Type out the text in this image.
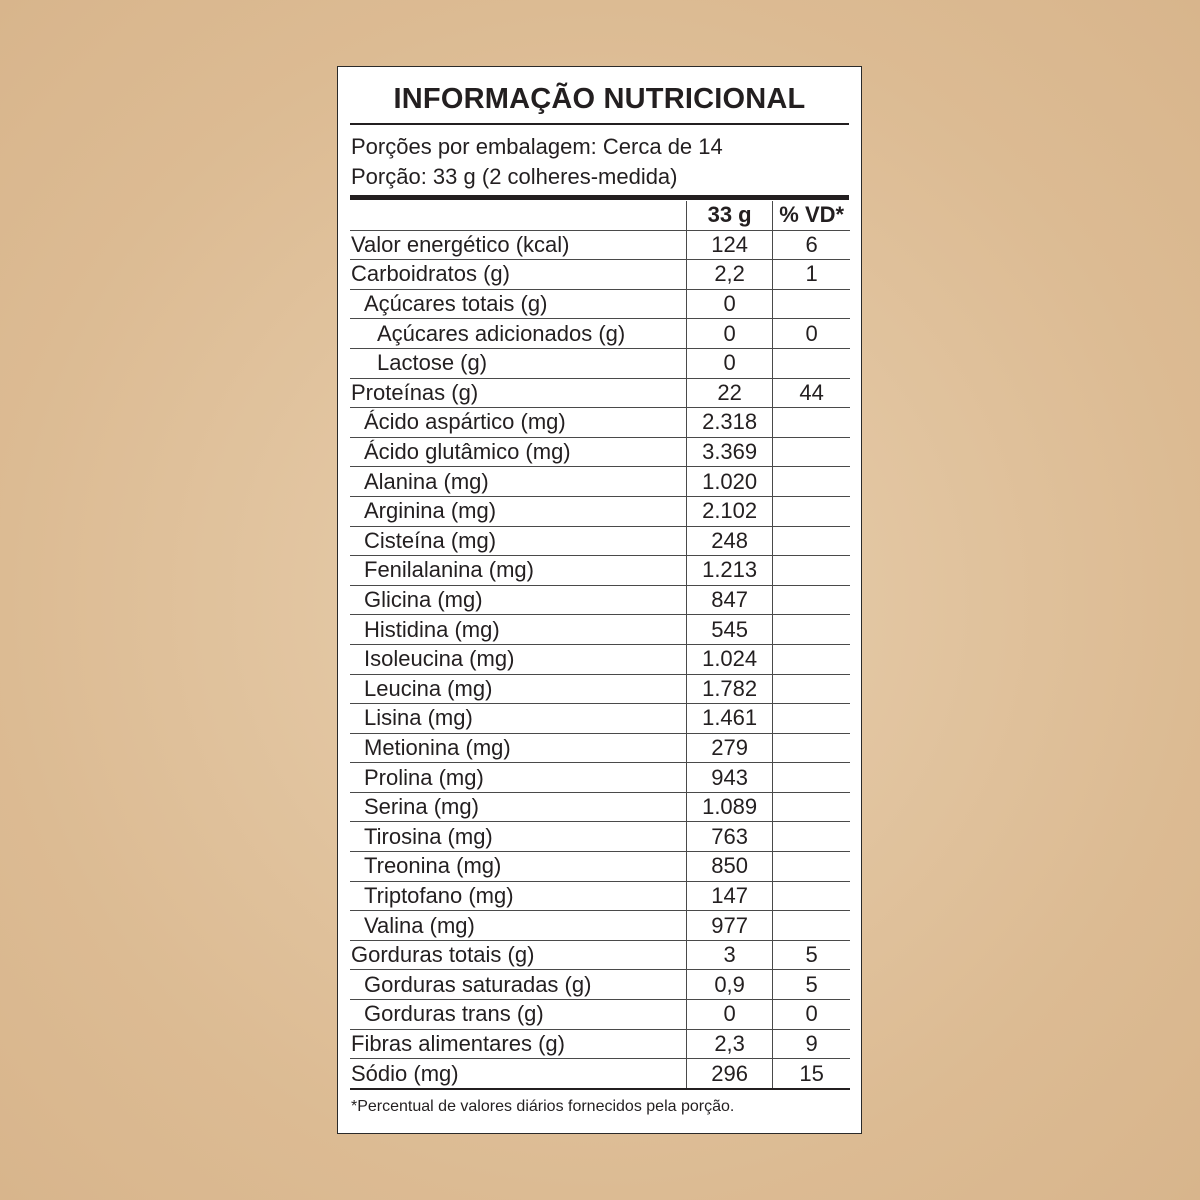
INFORMAÇÃO NUTRICIONAL
Porções por embalagem: Cerca de 14
Porção: 33 g (2 colheres-medida)
	33 g	% VD*
Valor energético (kcal)	124	6
Carboidratos (g)	2,2	1
Açúcares totais (g)	0	
Açúcares adicionados (g)	0	0
Lactose (g)	0	
Proteínas (g)	22	44
Ácido aspártico (mg)	2.318	
Ácido glutâmico (mg)	3.369	
Alanina (mg)	1.020	
Arginina (mg)	2.102	
Cisteína (mg)	248	
Fenilalanina (mg)	1.213	
Glicina (mg)	847	
Histidina (mg)	545	
Isoleucina (mg)	1.024	
Leucina (mg)	1.782	
Lisina (mg)	1.461	
Metionina (mg)	279	
Prolina (mg)	943	
Serina (mg)	1.089	
Tirosina (mg)	763	
Treonina (mg)	850	
Triptofano (mg)	147	
Valina (mg)	977	
Gorduras totais (g)	3	5
Gorduras saturadas (g)	0,9	5
Gorduras trans (g)	0	0
Fibras alimentares (g)	2,3	9
Sódio (mg)	296	15
*Percentual de valores diários fornecidos pela porção.
